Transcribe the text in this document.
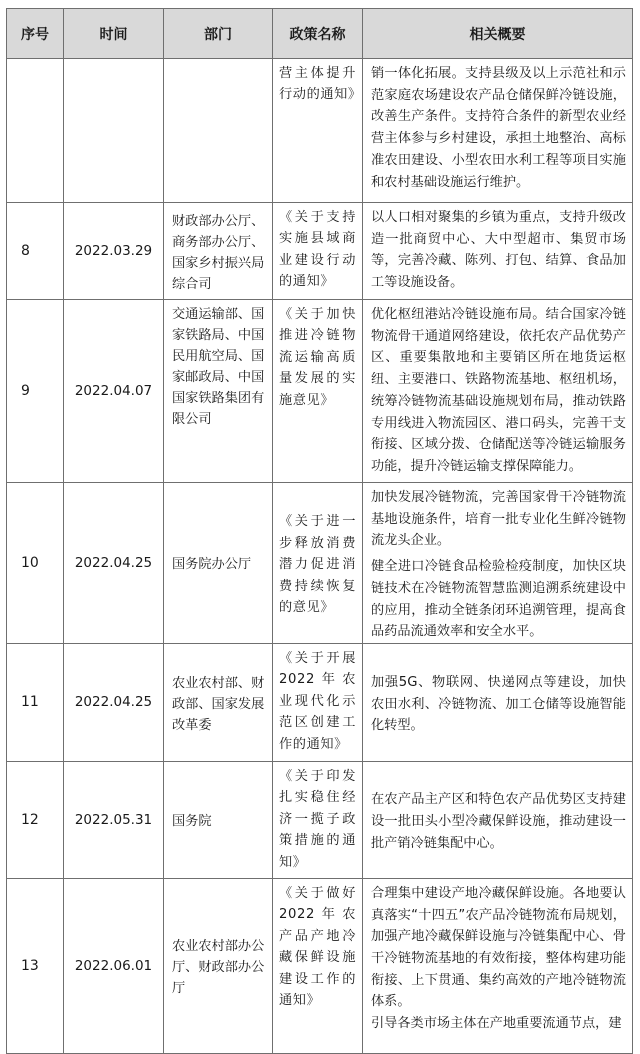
序号	时间	部门	政策名称	相关概要
			营主体提升行动的通知》	销一体化拓展。支持县级及以上示范社和示范家庭农场建设农产品仓储保鲜冷链设施，改善生产条件。支持符合条件的新型农业经营主体参与乡村建设，承担土地整治、高标准农田建设、小型农田水利工程等项目实施和农村基础设施运行维护。

8	2022.03.29	财政部办公厅、商务部办公厅、国家乡村振兴局综合司	《关于支持实施县域商业建设行动的通知》	以人口相对聚集的乡镇为重点，支持升级改造一批商贸中心、大中型超市、集贸市场等，完善冷藏、陈列、打包、结算、食品加工等设施设备。

9	2022.04.07	交通运输部、国家铁路局、中国民用航空局、国家邮政局、中国国家铁路集团有限公司	《关于加快推进冷链物流运输高质量发展的实施意见》	优化枢纽港站冷链设施布局。结合国家冷链物流骨干通道网络建设，依托农产品优势产区、重要集散地和主要销区所在地货运枢纽、主要港口、铁路物流基地、枢纽机场，统筹冷链物流基础设施规划布局，推动铁路专用线进入物流园区、港口码头，完善干支衔接、区域分拨、仓储配送等冷链运输服务功能，提升冷链运输支撑保障能力。

10	2022.04.25	国务院办公厅	《关于进一步释放消费潜力促进消费持续恢复的意见》	加快发展冷链物流，完善国家骨干冷链物流基地设施条件，培育一批专业化生鲜冷链物流龙头企业。
健全进口冷链食品检验检疫制度，加快区块链技术在冷链物流智慧监测追溯系统建设中的应用，推动全链条闭环追溯管理，提高食品药品流通效率和安全水平。

11	2022.04.25	农业农村部、财政部、国家发展改革委	《关于开展2022年农业现代化示范区创建工作的通知》	加强5G、物联网、快递网点等建设，加快农田水利、冷链物流、加工仓储等设施智能化转型。

12	2022.05.31	国务院	《关于印发扎实稳住经济一揽子政策措施的通知》	在农产品主产区和特色农产品优势区支持建设一批田头小型冷藏保鲜设施，推动建设一批产销冷链集配中心。

13	2022.06.01	农业农村部办公厅、财政部办公厅	《关于做好2022年农产品产地冷藏保鲜设施建设工作的通知》	合理集中建设产地冷藏保鲜设施。各地要认真落实“十四五”农产品冷链物流布局规划，加强产地冷藏保鲜设施与冷链集配中心、骨干冷链物流基地的有效衔接，整体构建功能衔接、上下贯通、集约高效的产地冷链物流体系。
引导各类市场主体在产地重要流通节点，建
